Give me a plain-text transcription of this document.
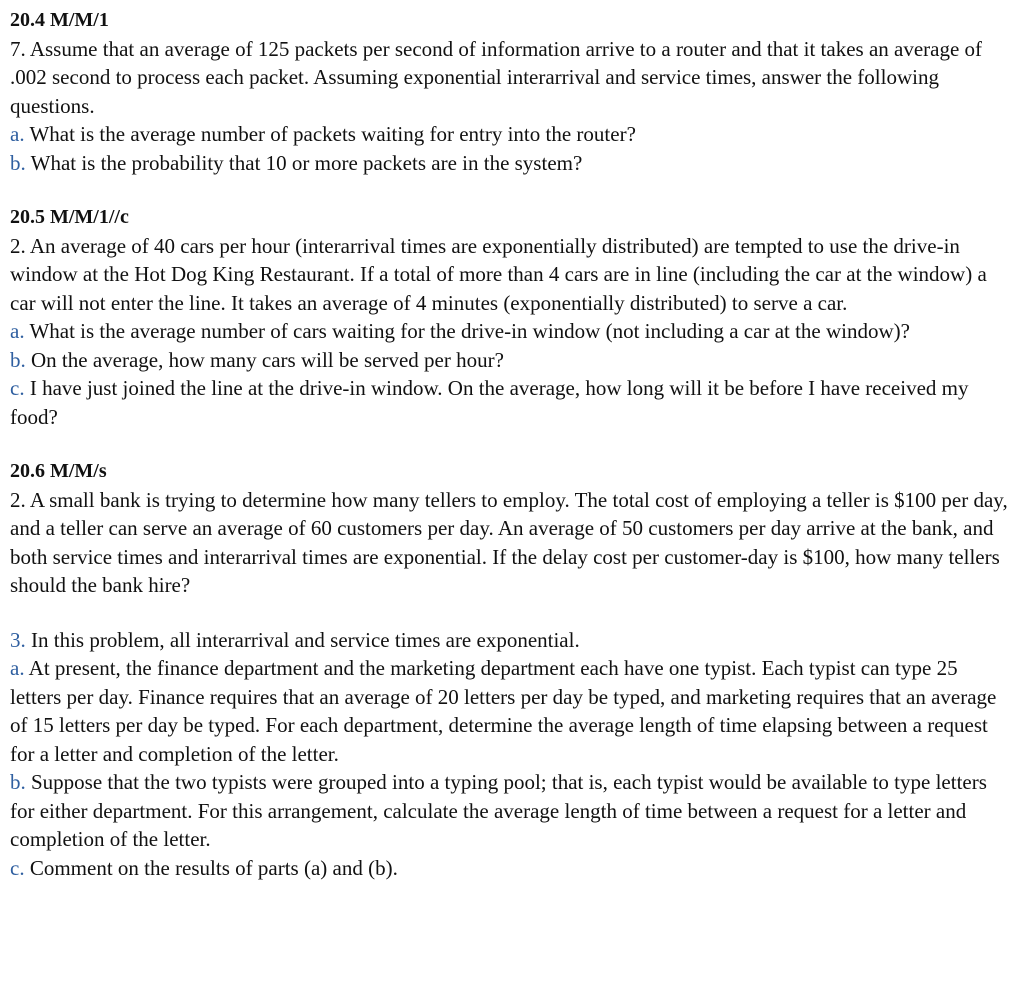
20.4 M/M/1

7. Assume that an average of 125 packets per second of information arrive to a router and that it takes an average of .002 second to process each packet. Assuming exponential interarrival and service times, answer the following questions.

a. What is the average number of packets waiting for entry into the router?

b. What is the probability that 10 or more packets are in the system?

20.5 M/M/1//c

2. An average of 40 cars per hour (interarrival times are exponentially distributed) are tempted to use the drive-in window at the Hot Dog King Restaurant. If a total of more than 4 cars are in line (including the car at the window) a car will not enter the line. It takes an average of 4 minutes (exponentially distributed) to serve a car.

a. What is the average number of cars waiting for the drive-in window (not including a car at the window)?

b. On the average, how many cars will be served per hour?

c. I have just joined the line at the drive-in window. On the average, how long will it be before I have received my food?

20.6 M/M/s

2. A small bank is trying to determine how many tellers to employ. The total cost of employing a teller is $100 per day, and a teller can serve an average of 60 customers per day. An average of 50 customers per day arrive at the bank, and both service times and interarrival times are exponential. If the delay cost per customer-day is $100, how many tellers should the bank hire?

3. In this problem, all interarrival and service times are exponential.

a. At present, the finance department and the marketing department each have one typist. Each typist can type 25 letters per day. Finance requires that an average of 20 letters per day be typed, and marketing requires that an average of 15 letters per day be typed. For each department, determine the average length of time elapsing between a request for a letter and completion of the letter.

b. Suppose that the two typists were grouped into a typing pool; that is, each typist would be available to type letters for either department. For this arrangement, calculate the average length of time between a request for a letter and completion of the letter.

c. Comment on the results of parts (a) and (b).
